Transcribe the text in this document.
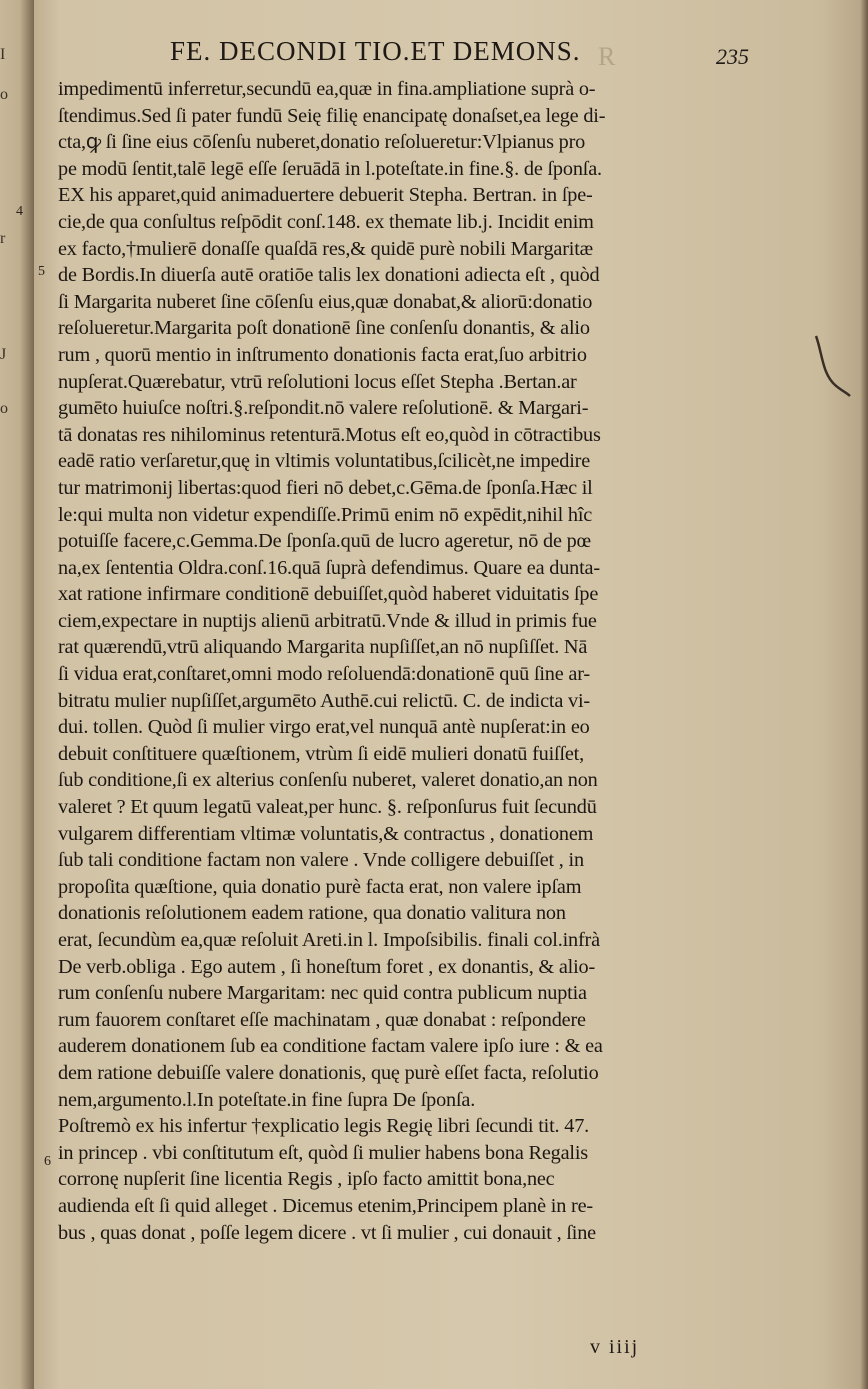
I
o
r
J
o
R
FE. DECONDI TIO.ET DEMONS.	235
impedimentū inferretur,secundū ea,quæ in fina.ampliatione suprà o-
ſtendimus.Sed ſi pater fundū Seię filię enancipatę donaſset,ea lege di-
cta,ꝙ ſi ſine eius cōſenſu nuberet,donatio reſolueretur:Vlpianus pro
pe modū ſentit,talē legē eſſe ſeruādā in l.poteſtate.in fine.§. de ſponſa.
EX his apparet,quid animaduertere debuerit Stepha. Bertran. in ſpe-
cie,de qua conſultus reſpōdit conſ.148. ex themate lib.j. Incidit enim
ex facto,†mulierē donaſſe quaſdā res,& quidē purè nobili Margaritæ
de Bordis.In diuerſa autē oratiōe talis lex donationi adiecta eſt , quòd
ſi Margarita nuberet ſine cōſenſu eius,quæ donabat,& aliorū:donatio
reſolueretur.Margarita poſt donationē ſine conſenſu donantis, & alio
rum , quorū mentio in inſtrumento donationis facta erat,ſuo arbitrio
nupſerat.Quærebatur, vtrū reſolutioni locus eſſet Stepha .Bertan.ar
gumēto huiuſce noſtri.§.reſpondit.nō valere reſolutionē. & Margari-
tā donatas res nihilominus retenturā.Motus eſt eo,quòd in cōtractibus
eadē ratio verſaretur,quę in vltimis voluntatibus,ſcilicèt,ne impedire
tur matrimonij libertas:quod fieri nō debet,c.Gēma.de ſponſa.Hæc il
le:qui multa non videtur expendiſſe.Primū enim nō expēdit,nihil hîc
potuiſſe facere,c.Gemma.De ſponſa.quū de lucro ageretur, nō de pœ
na,ex ſententia Oldra.conſ.16.quā ſuprà defendimus. Quare ea dunta-
xat ratione infirmare conditionē debuiſſet,quòd haberet viduitatis ſpe
ciem,expectare in nuptijs alienū arbitratū.Vnde & illud in primis fue
rat quærendū,vtrū aliquando Margarita nupſiſſet,an nō nupſiſſet. Nā
ſi vidua erat,conſtaret,omni modo reſoluendā:donationē quū ſine ar-
bitratu mulier nupſiſſet,argumēto Authē.cui relictū. C. de indicta vi-
dui. tollen. Quòd ſi mulier virgo erat,vel nunquā antè nupſerat:in eo
debuit conſtituere quæſtionem, vtrùm ſi eidē mulieri donatū fuiſſet,
ſub conditione,ſi ex alterius conſenſu nuberet, valeret donatio,an non
valeret ? Et quum legatū valeat,per hunc. §. reſponſurus fuit ſecundū
vulgarem differentiam vltimæ voluntatis,& contractus , donationem
ſub tali conditione factam non valere . Vnde colligere debuiſſet , in
propoſita quæſtione, quia donatio purè facta erat, non valere ipſam
donationis reſolutionem eadem ratione, qua donatio valitura non
erat, ſecundùm ea,quæ reſoluit Areti.in l. Impoſsibilis. finali col.infrà
De verb.obliga . Ego autem , ſi honeſtum foret , ex donantis, & alio-
rum conſenſu nubere Margaritam: nec quid contra publicum nuptia
rum fauorem conſtaret eſſe machinatam , quæ donabat : reſpondere
auderem donationem ſub ea conditione factam valere ipſo iure : & ea
dem ratione debuiſſe valere donationis, quę purè eſſet facta, reſolutio
nem,argumento.l.In poteſtate.in fine ſupra De ſponſa.
Poſtremò ex his infertur †explicatio legis Regię libri ſecundi tit. 47.
in princep . vbi conſtitutum eſt, quòd ſi mulier habens bona Regalis
corronę nupſerit ſine licentia Regis , ipſo facto amittit bona,nec
audienda eſt ſi quid alleget . Dicemus etenim,Principem planè in re-
bus , quas donat , poſſe legem dicere . vt ſi mulier , cui donauit , ſine
4
5
6
v iiij
